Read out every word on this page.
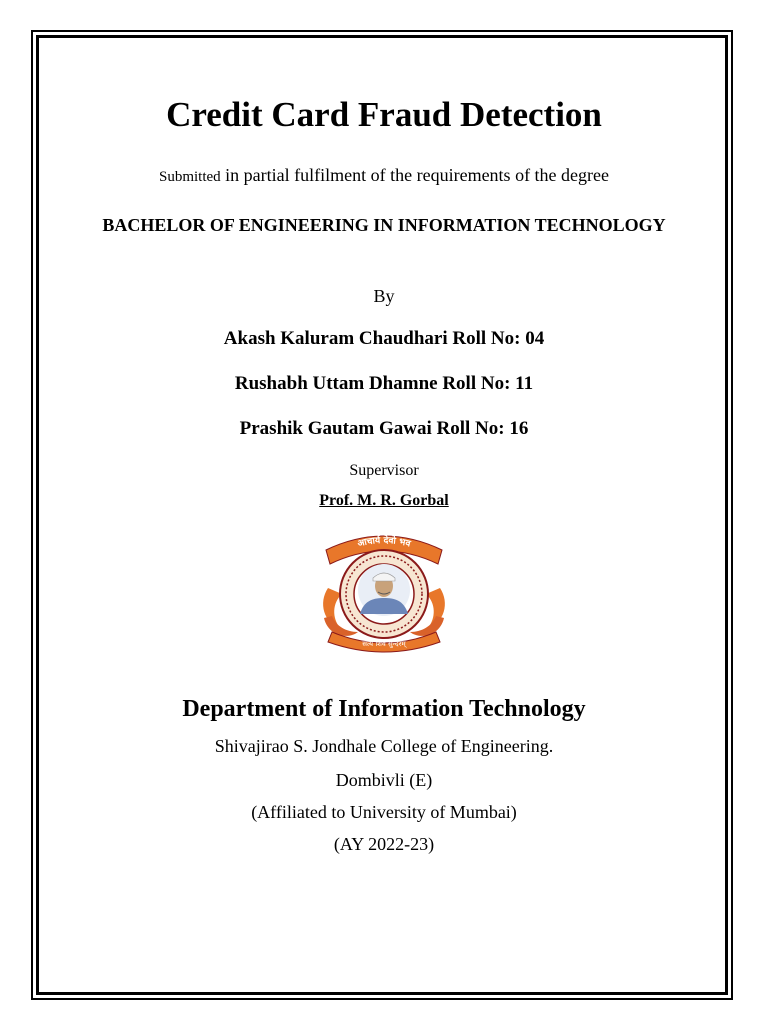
Credit Card Fraud Detection
Submitted in partial fulfilment of the requirements of the degree
BACHELOR OF ENGINEERING IN INFORMATION TECHNOLOGY
By
Akash Kaluram Chaudhari Roll No: 04
Rushabh Uttam Dhamne Roll No: 11
Prashik Gautam Gawai Roll No: 16
Supervisor
Prof. M. R. Gorbal
आचार्य देवो भव
सत्यं शिवं सुन्दरम्
Department of Information Technology
Shivajirao S. Jondhale College of Engineering.
Dombivli (E)
(Affiliated to University of Mumbai)
(AY 2022-23)
